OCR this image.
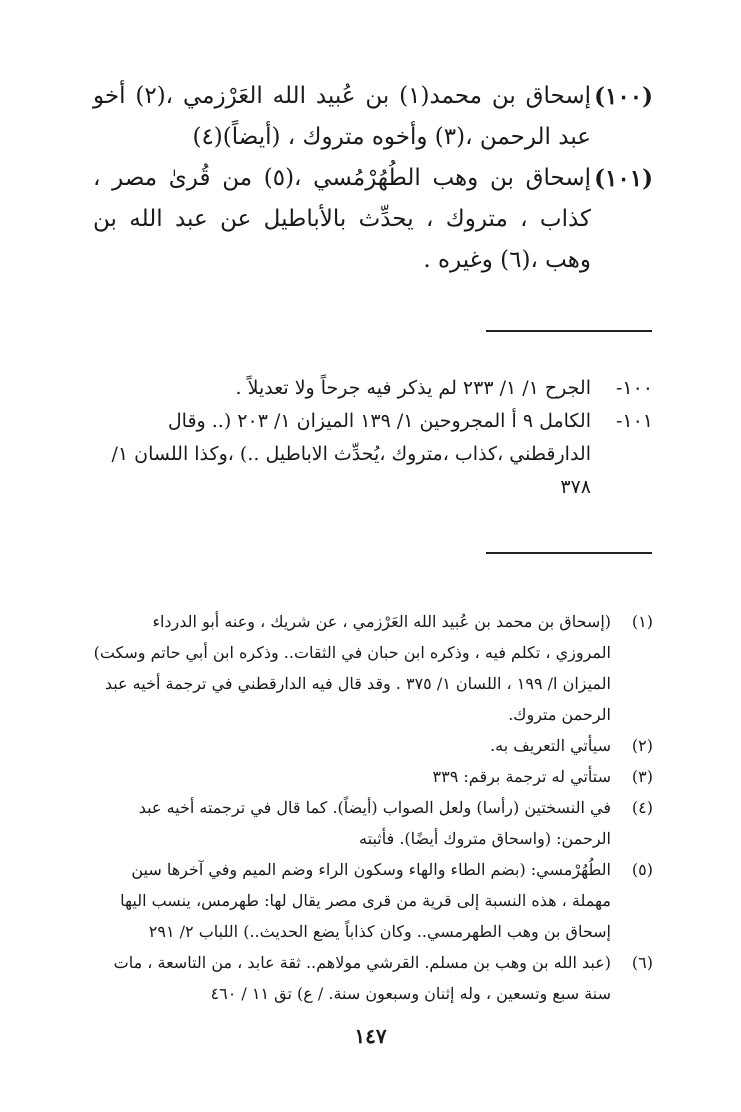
(١٠٠)
إسحاق بن محمد(١) بن عُبيد الله العَرْزمي ،(٢) أخو عبد الرحمن ،(٣) وأخوه متروك ، (أيضاً)(٤)
(١٠١)
إسحاق بن وهب الطُهُرْمُسي ،(٥) من قُرىٰ مصر ، كذاب ، متروك ، يحدِّث بالأباطيل عن عبد الله بن وهب ،(٦) وغيره .
١٠٠-
الجرح ١/ ١/ ٢٣٣ لم يذكر فيه جرحاً ولا تعديلاً .
١٠١-
الكامل ٩ أ المجروحين ١/ ١٣٩ الميزان ١/ ٢٠٣ (.. وقال الدارقطني ،كذاب ،متروك ،يُحدِّث الاباطيل ..) ،وكذا اللسان ١/ ٣٧٨
(١)
(إسحاق بن محمد بن عُبيد الله العَرْزمي ، عن شريك ، وعنه أبو الدرداء المروزي ، تكلم فيه ، وذكره ابن حبان في الثقات.. وذكره ابن أبي حاتم وسكت)
الميزان ا/ ١٩٩ ، اللسان ١/ ٣٧٥ . وقد قال فيه الدارقطني في ترجمة أخيه عبد الرحمن متروك.
(٢)
سيأتي التعريف به.
(٣)
ستأتي له ترجمة برقم: ٣٣٩
(٤)
في النسختين (رأسا) ولعل الصواب (أيضاً). كما قال في ترجمته أخيه عبد الرحمن: (واسحاق متروك أيضًا). فأثبته
(٥)
الطُهُرْمسي: (بضم الطاء والهاء وسكون الراء وضم الميم وفي آخرها سين مهملة ، هذه النسبة إلى قرية من قرى مصر يقال لها: طهرمس، ينسب اليها إسحاق بن وهب الطهرمسي.. وكان كذاباً يضع الحديث..) اللباب ٢/ ٢٩١
(٦)
(عبد الله بن وهب بن مسلم. القرشي مولاهم.. ثقة عابد ، من التاسعة ، مات سنة سبع وتسعين ، وله إثنان وسبعون سنة. / ع) تق ١١ / ٤٦٠
١٤٧
